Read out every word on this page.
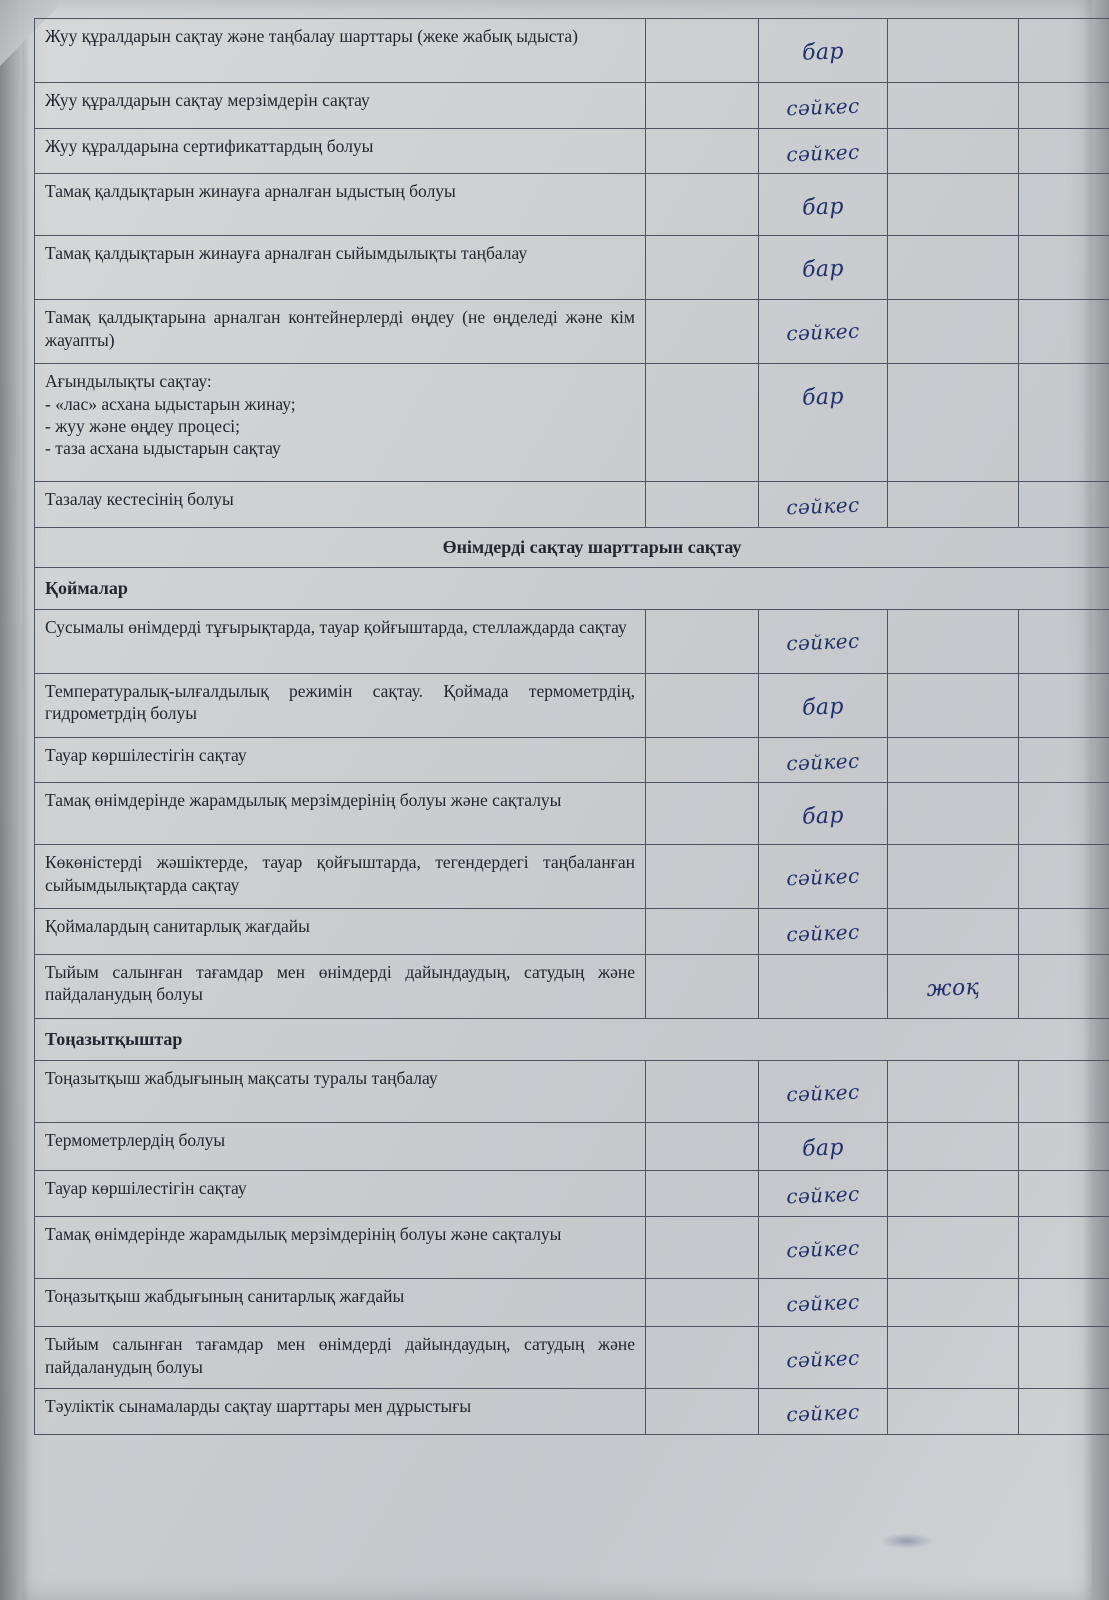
Жуу құралдарын сақтау және таңбалау шарттары (жеке жабық ыдыста)		бар		

Жуу құралдарын сақтау мерзімдерін сақтау		сәйкес		

Жуу құралдарына сертификаттардың болуы		сәйкес		

Тамақ қалдықтарын жинауға арналған ыдыстың болуы		бар		

Тамақ қалдықтарын жинауға арналған сыйымдылықты таңбалау		бар		

Тамақ қалдықтарына арналган контейнерлерді өңдеу (не өңделеді және кім жауапты)		сәйкес		

Ағындылықты сақтау:
- «лас» асхана ыдыстарын жинау;
- жуу және өңдеу процесі;
- таза асхана ыдыстарын сақтау		бар		

Тазалау кестесінің болуы		сәйкес		

Өнімдерді сақтау шарттарын сақтау				
Қоймалар				
Сусымалы өнімдерді тұғырықтарда, тауар қойғыштарда, стеллаждарда сақтау		сәйкес		

Температуралық-ылғалдылық режимін сақтау. Қоймада термометрдің, гидрометрдің болуы		бар		

Тауар көршілестігін сақтау		сәйкес		

Тамақ өнімдерінде жарамдылық мерзімдерінің болуы және сақталуы		бар		

Көкөністерді жәшіктерде, тауар қойғыштарда, тегендердегі таңбаланған сыйымдылықтарда сақтау		сәйкес		

Қоймалардың санитарлық жағдайы		сәйкес		

Тыйым салынған тағамдар мен өнімдерді дайындаудың, сатудың және пайдаланудың болуы			жоқ	

Тоңазытқыштар				
Тоңазытқыш жабдығының мақсаты туралы таңбалау		сәйкес		

Термометрлердің болуы		бар		

Тауар көршілестігін сақтау		сәйкес		

Тамақ өнімдерінде жарамдылық мерзімдерінің болуы және сақталуы		сәйкес		

Тоңазытқыш жабдығының санитарлық жағдайы		сәйкес		

Тыйым салынған тағамдар мен өнімдерді дайындаудың, сатудың және пайдаланудың болуы		сәйкес		

Тәуліктік сынамаларды сақтау шарттары мен дұрыстығы		сәйкес		
